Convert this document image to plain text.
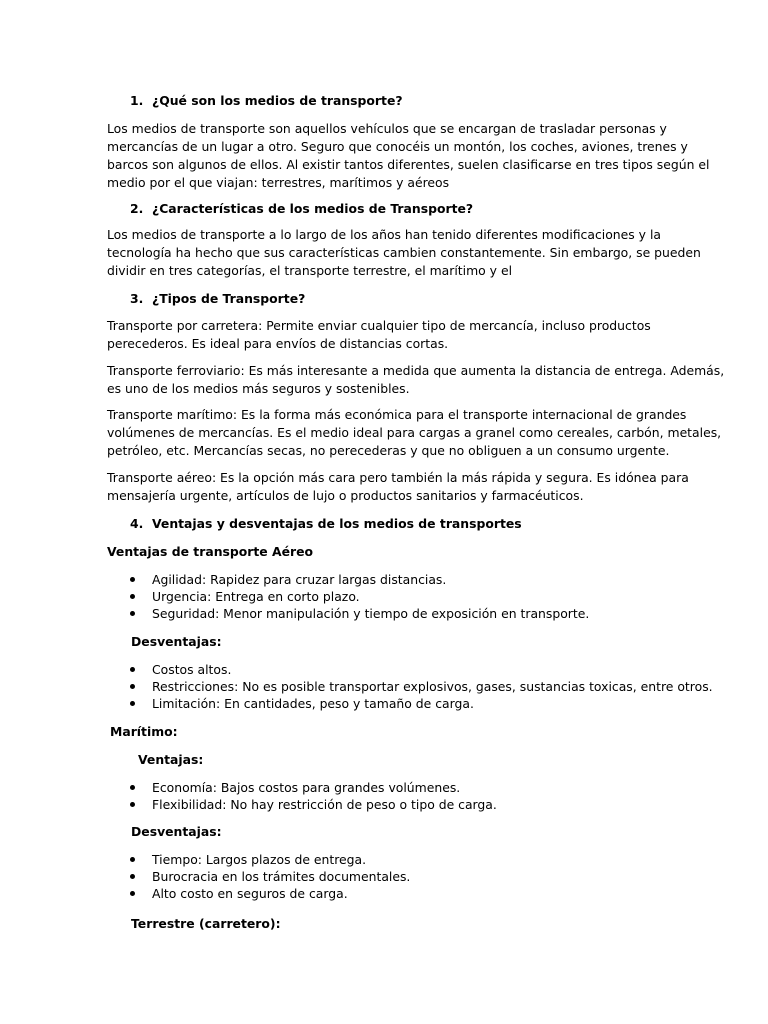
1. ¿Qué son los medios de transporte?
Los medios de transporte son aquellos vehículos que se encargan de trasladar personas y
mercancías de un lugar a otro. Seguro que conocéis un montón, los coches, aviones, trenes y
barcos son algunos de ellos. Al existir tantos diferentes, suelen clasificarse en tres tipos según el
medio por el que viajan: terrestres, marítimos y aéreos
2. ¿Características de los medios de Transporte?
Los medios de transporte a lo largo de los años han tenido diferentes modificaciones y la
tecnología ha hecho que sus características cambien constantemente. Sin embargo, se pueden
dividir en tres categorías, el transporte terrestre, el marítimo y el
3. ¿Tipos de Transporte?
Transporte por carretera: Permite enviar cualquier tipo de mercancía, incluso productos
perecederos. Es ideal para envíos de distancias cortas.
Transporte ferroviario: Es más interesante a medida que aumenta la distancia de entrega. Además,
es uno de los medios más seguros y sostenibles.
Transporte marítimo: Es la forma más económica para el transporte internacional de grandes
volúmenes de mercancías. Es el medio ideal para cargas a granel como cereales, carbón, metales,
petróleo, etc. Mercancías secas, no perecederas y que no obliguen a un consumo urgente.
Transporte aéreo: Es la opción más cara pero también la más rápida y segura. Es idónea para
mensajería urgente, artículos de lujo o productos sanitarios y farmacéuticos.
4. Ventajas y desventajas de los medios de transportes
Ventajas de transporte Aéreo
Agilidad: Rapidez para cruzar largas distancias.
Urgencia: Entrega en corto plazo.
Seguridad: Menor manipulación y tiempo de exposición en transporte.
Desventajas:
Costos altos.
Restricciones: No es posible transportar explosivos, gases, sustancias toxicas, entre otros.
Limitación: En cantidades, peso y tamaño de carga.
Marítimo:
Ventajas:
Economía: Bajos costos para grandes volúmenes.
Flexibilidad: No hay restricción de peso o tipo de carga.
Desventajas:
Tiempo: Largos plazos de entrega.
Burocracia en los trámites documentales.
Alto costo en seguros de carga.
Terrestre (carretero):
